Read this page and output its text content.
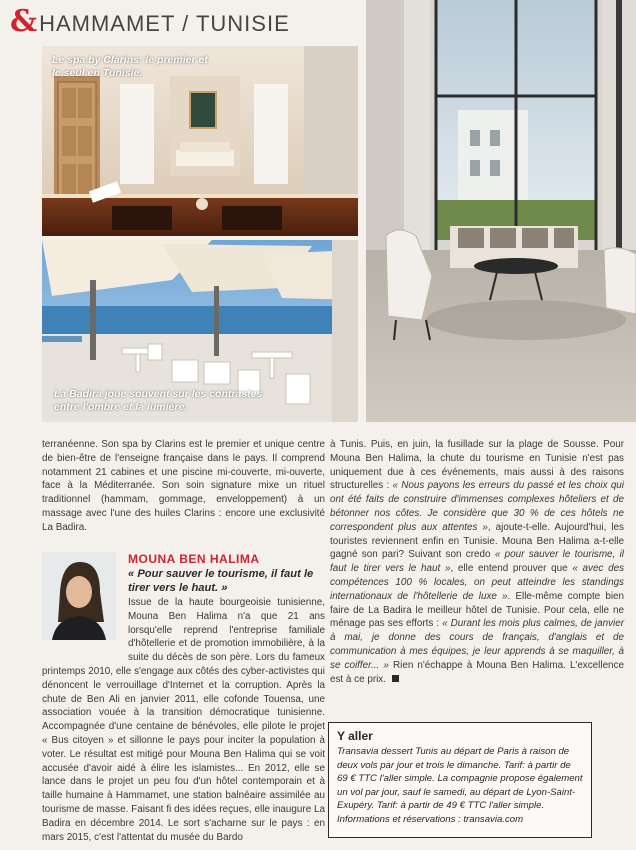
& HAMMAMET / TUNISIE
Le spa by Clarins: le premier et le seul en Tunisie.
La Badira joue souvent sur les contrastes entre l'ombre et la lumière.
terranéenne. Son spa by Clarins est le premier et unique centre de bien-être de l'enseigne française dans le pays. Il comprend notamment 21 cabines et une piscine mi-couverte, mi-ouverte, face à la Méditerranée. Son soin signature mixe un rituel traditionnel (hammam, gommage, enveloppement) à un massage avec l'une des huiles Clarins : encore une exclusivité La Badira.
MOUNA BEN HALIMA
« Pour sauver le tourisme, il faut le tirer vers le haut. »
Issue de la haute bourgeoisie tunisienne, Mouna Ben Halima n'a que 21 ans lorsqu'elle reprend l'entreprise familiale d'hôtellerie et de promotion immobilière, à la suite du décès de son père. Lors du fameux printemps 2010, elle s'engage aux côtés des cyber-activistes qui dénoncent le verrouillage d'Internet et la corruption. Après la chute de Ben Ali en janvier 2011, elle cofonde Touensa, une association vouée à la transition démocratique tunisienne. Accompagnée d'une centaine de bénévoles, elle pilote le projet « Bus citoyen » et sillonne le pays pour inciter la population à voter. Le résultat est mitigé pour Mouna Ben Halima qui se voit accusée d'avoir aidé à élire les islamistes... En 2012, elle se lance dans le projet un peu fou d'un hôtel contemporain et à taille humaine à Hammamet, une station balnéaire assimilée au tourisme de masse. Faisant fi des idées reçues, elle inaugure La Badira en décembre 2014. Le sort s'acharne sur le pays : en mars 2015, c'est l'attentat du musée du Bardo
à Tunis. Puis, en juin, la fusillade sur la plage de Sousse. Pour Mouna Ben Halima, la chute du tourisme en Tunisie n'est pas uniquement due à ces événements, mais aussi à des raisons structurelles : « Nous payons les erreurs du passé et les choix qui ont été faits de construire d'immenses complexes hôteliers et de bétonner nos côtes. Je considère que 30 % de ces hôtels ne correspondent plus aux attentes », ajoute-t-elle. Aujourd'hui, les touristes reviennent enfin en Tunisie. Mouna Ben Halima a-t-elle gagné son pari? Suivant son credo « pour sauver le tourisme, il faut le tirer vers le haut », elle entend prouver que « avec des compétences 100 % locales, on peut atteindre les standings internationaux de l'hôtellerie de luxe ». Elle-même compte bien faire de La Badira le meilleur hôtel de Tunisie. Pour cela, elle ne ménage pas ses efforts : « Durant les mois plus calmes, de janvier à mai, je donne des cours de français, d'anglais et de communication à mes équipes, je leur apprends à se maquiller, à se coiffer... » Rien n'échappe à Mouna Ben Halima. L'excellence est à ce prix.
Y aller
Transavia dessert Tunis au départ de Paris à raison de deux vols par jour et trois le dimanche. Tarif: à partir de 69 € TTC l'aller simple. La compagnie propose également un vol par jour, sauf le samedi, au départ de Lyon-Saint-Exupéry. Tarif: à partir de 49 € TTC l'aller simple.
Informations et réservations : transavia.com
